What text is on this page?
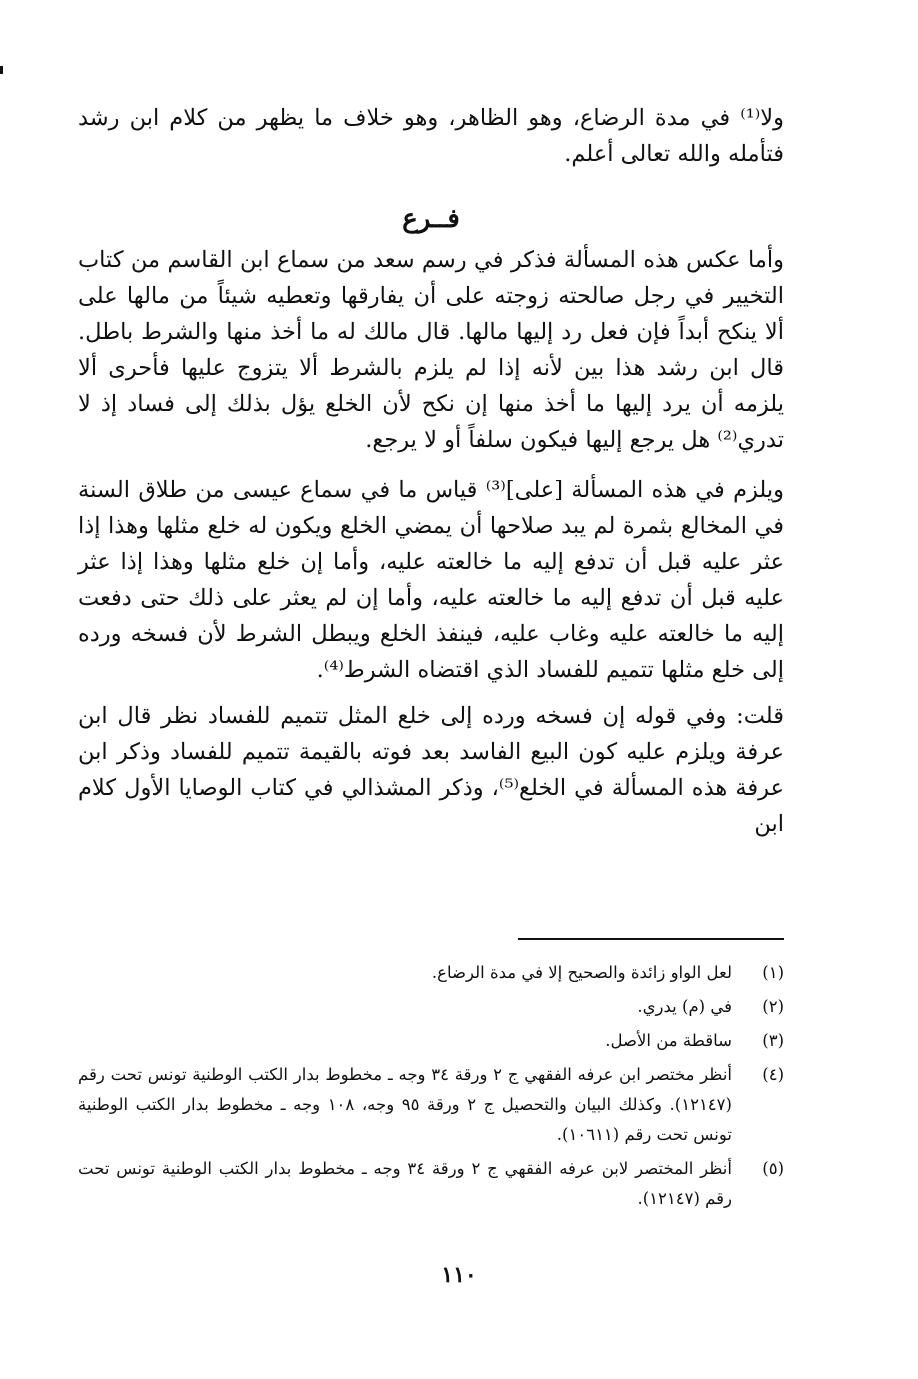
ولا⁽¹⁾ في مدة الرضاع، وهو الظاهر، وهو خلاف ما يظهر من كلام ابن رشد فتأمله والله تعالى أعلم.

فــرع

وأما عكس هذه المسألة فذكر في رسم سعد من سماع ابن القاسم من كتاب التخيير في رجل صالحته زوجته على أن يفارقها وتعطيه شيئاً من مالها على ألا ينكح أبداً فإن فعل رد إليها مالها. قال مالك له ما أخذ منها والشرط باطل. قال ابن رشد هذا بين لأنه إذا لم يلزم بالشرط ألا يتزوج عليها فأحرى ألا يلزمه أن يرد إليها ما أخذ منها إن نكح لأن الخلع يؤل بذلك إلى فساد إذ لا تدري⁽²⁾ هل يرجع إليها فيكون سلفاً أو لا يرجع.

ويلزم في هذه المسألة [على]⁽³⁾ قياس ما في سماع عيسى من طلاق السنة في المخالع بثمرة لم يبد صلاحها أن يمضي الخلع ويكون له خلع مثلها وهذا إذا عثر عليه قبل أن تدفع إليه ما خالعته عليه، وأما إن خلع مثلها وهذا إذا عثر عليه قبل أن تدفع إليه ما خالعته عليه، وأما إن لم يعثر على ذلك حتى دفعت إليه ما خالعته عليه وغاب عليه، فينفذ الخلع ويبطل الشرط لأن فسخه ورده إلى خلع مثلها تتميم للفساد الذي اقتضاه الشرط⁽⁴⁾.

قلت: وفي قوله إن فسخه ورده إلى خلع المثل تتميم للفساد نظر قال ابن عرفة ويلزم عليه كون البيع الفاسد بعد فوته بالقيمة تتميم للفساد وذكر ابن عرفة هذه المسألة في الخلع⁽⁵⁾، وذكر المشذالي في كتاب الوصايا الأول كلام ابن

(١)
لعل الواو زائدة والصحيح إلا في مدة الرضاع.
(٢)
في (م) يدري.
(٣)
ساقطة من الأصل.
(٤)
أنظر مختصر ابن عرفه الفقهي ج ٢ ورقة ٣٤ وجه ـ مخطوط بدار الكتب الوطنية تونس تحت رقم (١٢١٤٧). وكذلك البيان والتحصيل ج ٢ ورقة ٩٥ وجه، ١٠٨ وجه ـ مخطوط بدار الكتب الوطنية تونس تحت رقم (١٠٦١١).
(٥)
أنظر المختصر لابن عرفه الفقهي ج ٢ ورقة ٣٤ وجه ـ مخطوط بدار الكتب الوطنية تونس تحت رقم (١٢١٤٧).
١١٠
